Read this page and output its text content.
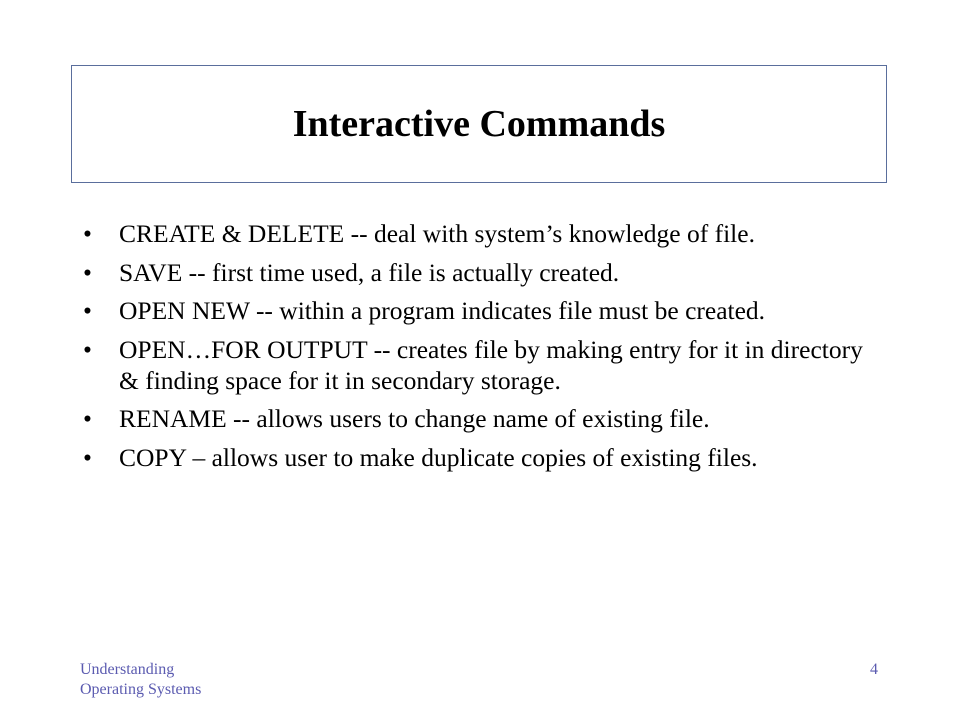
Interactive Commands
•	CREATE & DELETE -- deal with system’s knowledge of file.
•	SAVE -- first time used, a file is actually created.
•	OPEN NEW -- within a program indicates file must be created.
•	OPEN…FOR OUTPUT -- creates file by making entry for it in directory & finding space for it in secondary storage.
•	RENAME -- allows users to change name of existing file.
•	COPY – allows user to make duplicate copies of existing files.
Understanding
Operating Systems
4
